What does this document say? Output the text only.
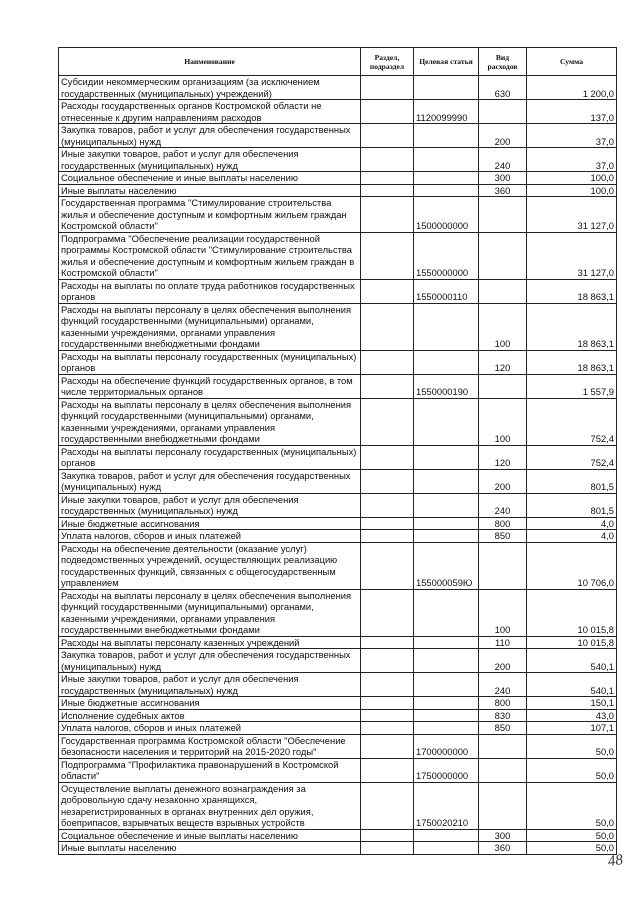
Наименование	Раздел, подраздел	Целевая статья	Вид расходов	Сумма
Субсидии некоммерческим организациям (за исключением государственных (муниципальных) учреждений)			630	1 200,0
Расходы государственных органов Костромской области не отнесенные к другим направлениям расходов		1120099990		137,0
Закупка товаров, работ и услуг для обеспечения государственных (муниципальных) нужд			200	37,0
Иные закупки товаров, работ и услуг для обеспечения государственных (муниципальных) нужд			240	37,0
Социальное обеспечение и иные выплаты населению			300	100,0
Иные выплаты населению			360	100,0
Государственная программа "Стимулирование строительства жилья и обеспечение доступным и комфортным жильем граждан Костромской области"		1500000000		31 127,0
Подпрограмма "Обеспечение реализации государственной программы Костромской области "Стимулирование строительства жилья и обеспечение доступным и комфортным жильем граждан в Костромской области"		1550000000		31 127,0
Расходы на выплаты по оплате труда работников государственных органов		1550000110		18 863,1
Расходы на выплаты персоналу в целях обеспечения выполнения функций государственными (муниципальными) органами, казенными учреждениями, органами управления государственными внебюджетными фондами			100	18 863,1
Расходы на выплаты персоналу государственных (муниципальных) органов			120	18 863,1
Расходы на обеспечение функций государственных органов, в том числе территориальных органов		1550000190		1 557,9
Расходы на выплаты персоналу в целях обеспечения выполнения функций государственными (муниципальными) органами, казенными учреждениями, органами управления государственными внебюджетными фондами			100	752,4
Расходы на выплаты персоналу государственных (муниципальных) органов			120	752,4
Закупка товаров, работ и услуг для обеспечения государственных (муниципальных) нужд			200	801,5
Иные закупки товаров, работ и услуг для обеспечения государственных (муниципальных) нужд			240	801,5
Иные бюджетные ассигнования			800	4,0
Уплата налогов, сборов и иных платежей			850	4,0
Расходы на обеспечение деятельности (оказание услуг) подведомственных учреждений, осуществляющих реализацию государственных функций, связанных с общегосударственным управлением		155000059Ю		10 706,0
Расходы на выплаты персоналу в целях обеспечения выполнения функций государственными (муниципальными) органами, казенными учреждениями, органами управления государственными внебюджетными фондами			100	10 015,8
Расходы на выплаты персоналу казенных учреждений			110	10 015,8
Закупка товаров, работ и услуг для обеспечения государственных (муниципальных) нужд			200	540,1
Иные закупки товаров, работ и услуг для обеспечения государственных (муниципальных) нужд			240	540,1
Иные бюджетные ассигнования			800	150,1
Исполнение судебных актов			830	43,0
Уплата налогов, сборов и иных платежей			850	107,1
Государственная программа Костромской области "Обеспечение безопасности населения и территорий на 2015-2020 годы"		1700000000		50,0
Подпрограмма "Профилактика правонарушений в Костромской области"		1750000000		50,0
Осуществление выплаты денежного вознаграждения за добровольную сдачу незаконно хранящихся, незарегистрированных в органах внутренних дел оружия, боеприпасов, взрывчатых веществ взрывных устройств		1750020210		50,0
Социальное обеспечение и иные выплаты населению			300	50,0
Иные выплаты населению			360	50,0
48
